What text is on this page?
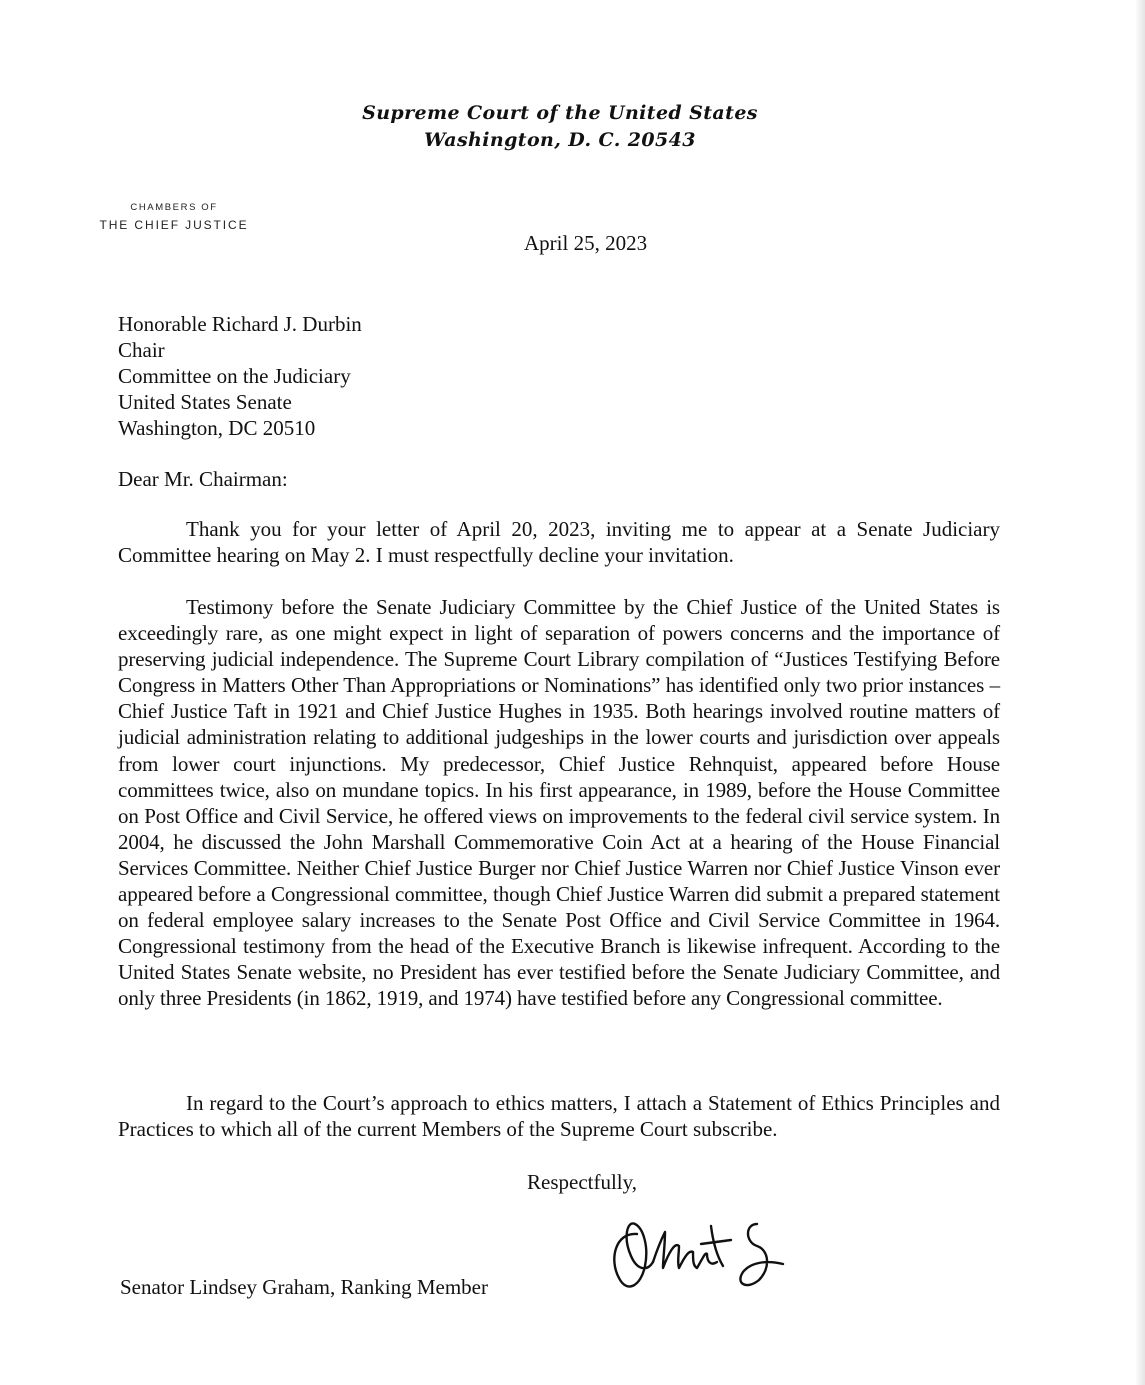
Supreme Court of the United States
Washington, D. C. 20543
CHAMBERS OF
THE CHIEF JUSTICE
April 25, 2023
Honorable Richard J. Durbin
Chair
Committee on the Judiciary
United States Senate
Washington, DC 20510
Dear Mr. Chairman:

Thank you for your letter of April 20, 2023, inviting me to appear at a Senate Judiciary Committee hearing on May 2. I must respectfully decline your invitation.

Testimony before the Senate Judiciary Committee by the Chief Justice of the United States is exceedingly rare, as one might expect in light of separation of powers concerns and the importance of preserving judicial independence. The Supreme Court Library compilation of “Justices Testifying Before Congress in Matters Other Than Appropriations or Nominations” has identified only two prior instances – Chief Justice Taft in 1921 and Chief Justice Hughes in 1935. Both hearings involved routine matters of judicial administration relating to additional judgeships in the lower courts and jurisdiction over appeals from lower court injunctions. My predecessor, Chief Justice Rehnquist, appeared before House committees twice, also on mundane topics. In his first appearance, in 1989, before the House Committee on Post Office and Civil Service, he offered views on improvements to the federal civil service system. In 2004, he discussed the John Marshall Commemorative Coin Act at a hearing of the House Financial Services Committee. Neither Chief Justice Burger nor Chief Justice Warren nor Chief Justice Vinson ever appeared before a Congressional committee, though Chief Justice Warren did submit a prepared statement on federal employee salary increases to the Senate Post Office and Civil Service Committee in 1964. Congressional testimony from the head of the Executive Branch is likewise infrequent. According to the United States Senate website, no President has ever testified before the Senate Judiciary Committee, and only three Presidents (in 1862, 1919, and 1974) have testified before any Congressional committee.

In regard to the Court’s approach to ethics matters, I attach a Statement of Ethics Principles and Practices to which all of the current Members of the Supreme Court subscribe.

Respectfully,
Senator Lindsey Graham, Ranking Member
